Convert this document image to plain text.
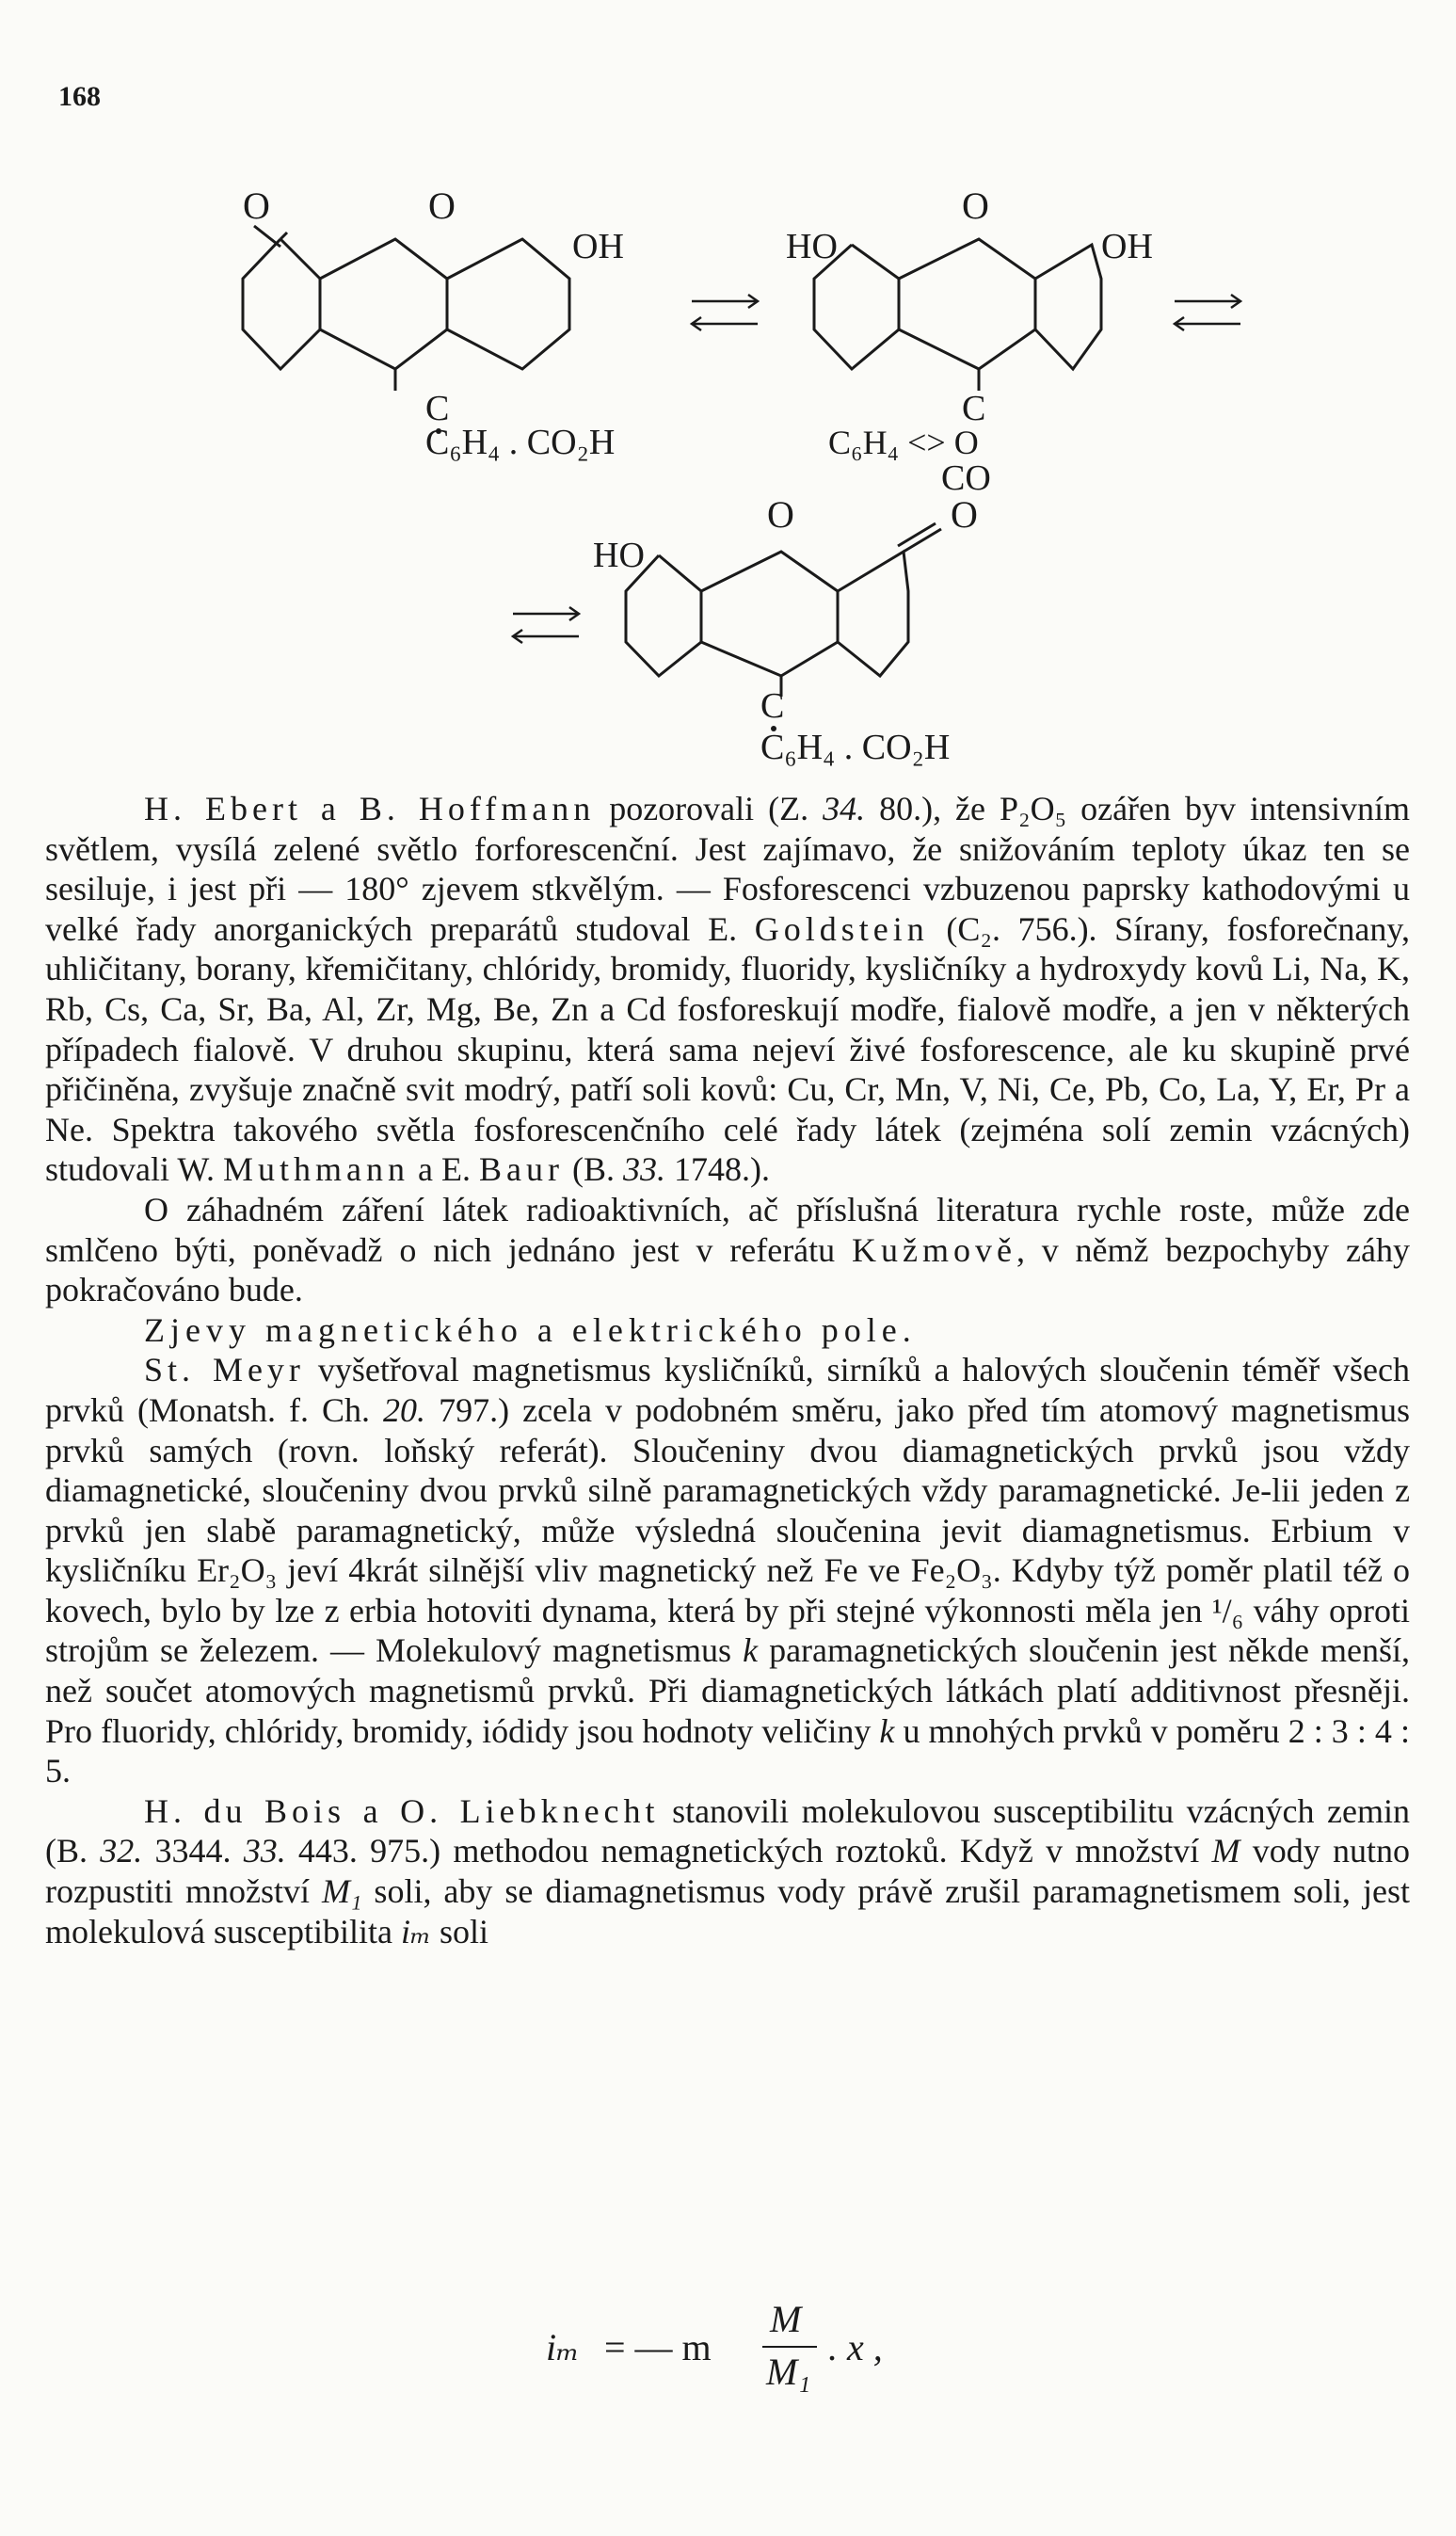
168
O	O
OH
C
C₆H₄ . CO₂H
HO
O
OH
C
C₆H₄ <> O
CO
HO
O	O
C
C₆H₄ . CO₂H

H. Ebert a B. Hoffmann pozorovali (Z. 34. 80.), že P₂O₅ ozářen byv intensivním světlem, vysílá zelené světlo forforescenční. Jest zajímavo, že snižováním teploty úkaz ten se sesiluje, i jest při — 180° zjevem stkvělým. — Fosforescenci vzbuzenou paprsky kathodovými u velké řady anorganických preparátů studoval E. Goldstein (C₂. 756.). Sírany, fosforečnany, uhličitany, borany, křemičitany, chlóridy, bromidy, fluoridy, kysličníky a hydroxydy kovů Li, Na, K, Rb, Cs, Ca, Sr, Ba, Al, Zr, Mg, Be, Zn a Cd fosforeskují modře, fialově modře, a jen v některých případech fialově. V druhou skupinu, která sama nejeví živé fosforescence, ale ku skupině prvé přičiněna, zvyšuje značně svit modrý, patří soli kovů: Cu, Cr, Mn, V, Ni, Ce, Pb, Co, La, Y, Er, Pr a Ne. Spektra takového světla fosforescenčního celé řady látek (zejména solí zemin vzácných) studovali W. Muthmann a E. Baur (B. 33. 1748.).

O záhadném záření látek radioaktivních, ač příslušná literatura rychle roste, může zde smlčeno býti, poněvadž o nich jednáno jest v referátu Kužmově, v němž bezpochyby záhy pokračováno bude.

Zjevy magnetického a elektrického pole.

St. Meyr vyšetřoval magnetismus kysličníků, sirníků a halových sloučenin téměř všech prvků (Monatsh. f. Ch. 20. 797.) zcela v podobném směru, jako před tím atomový magnetismus prvků samých (rovn. loňský referát). Sloučeniny dvou diamagnetických prvků jsou vždy diamagnetické, sloučeniny dvou prvků silně paramagnetických vždy paramagnetické. Je-lii jeden z prvků jen slabě paramagnetický, může výsledná sloučenina jevit diamagnetismus. Erbium v kysličníku Er₂O₃ jeví 4krát silnější vliv magnetický než Fe ve Fe₂O₃. Kdyby týž poměr platil též o kovech, bylo by lze z erbia hotoviti dynama, která by při stejné výkonnosti měla jen ¹/₆ váhy oproti strojům se železem. — Molekulový magnetismus k paramagnetických sloučenin jest někde menší, než součet atomových magnetismů prvků. Při diamagnetických látkách platí additivnost přesněji. Pro fluoridy, chlóridy, bromidy, iódidy jsou hodnoty veličiny k u mnohých prvků v poměru 2 : 3 : 4 : 5.

H. du Bois a O. Liebknecht stanovili molekulovou susceptibilitu vzácných zemin (B. 32. 3344. 33. 443. 975.) methodou nemagnetických roztoků. Když v množství M vody nutno rozpustiti množství M₁ soli, aby se diamagnetismus vody právě zrušil paramagnetismem soli, jest molekulová susceptibilita iₘ soli

iₘ = — m
M
M₁
. x ,
